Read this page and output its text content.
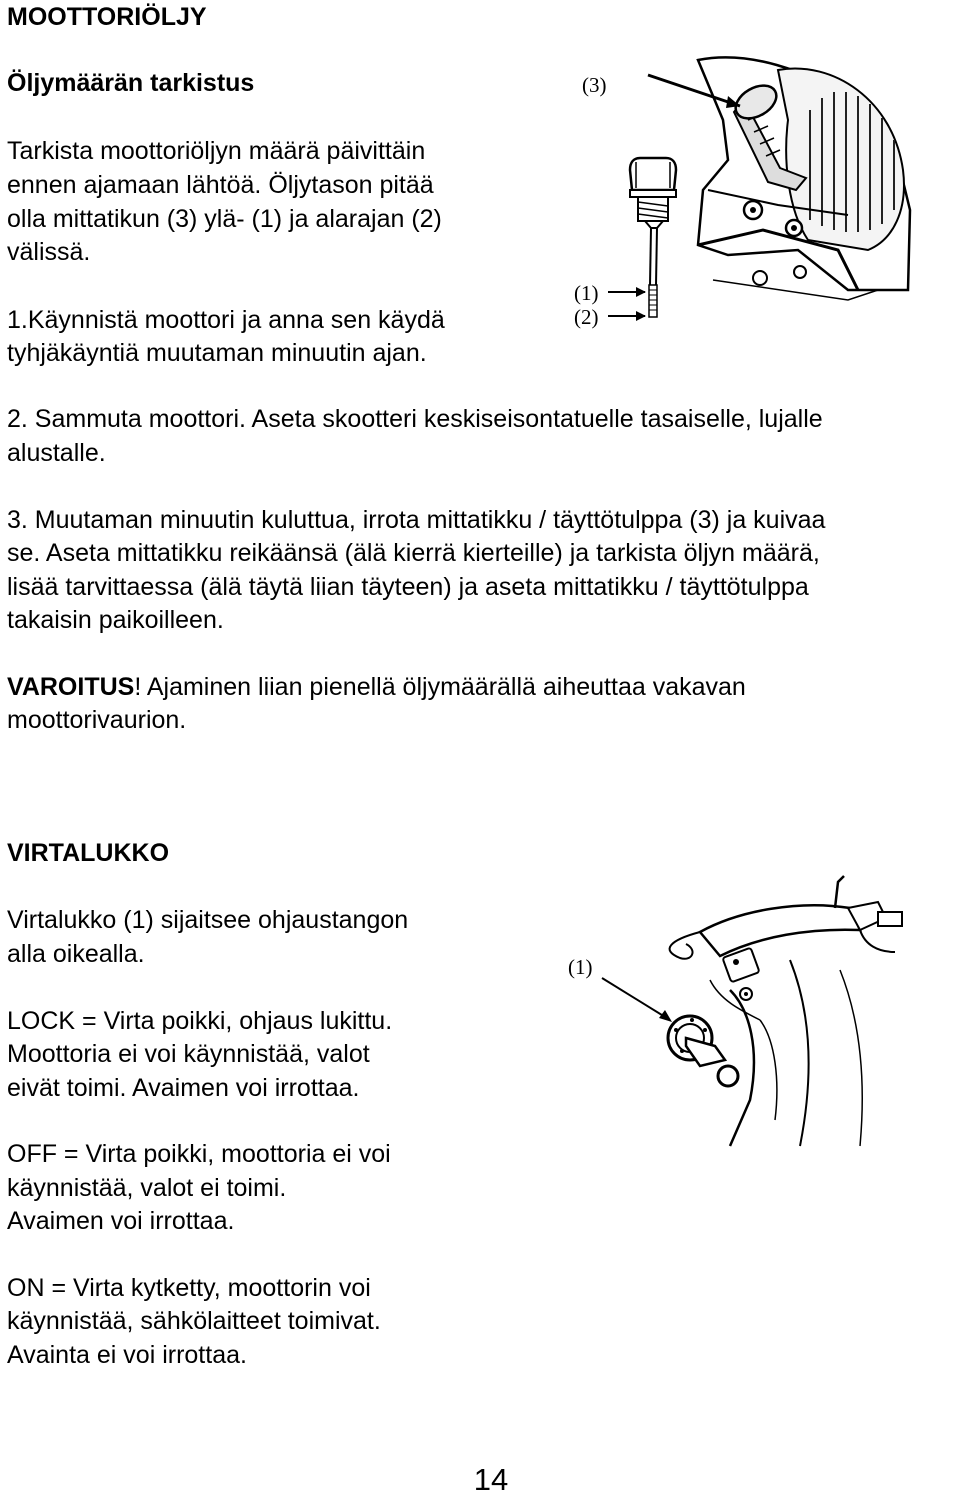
MOOTTORIÖLJY
Öljymäärän tarkistus

Tarkista moottoriöljyn määrä päivittäin

ennen ajamaan lähtöä. Öljytason pitää

olla mittatikun (3) ylä- (1) ja alarajan (2)

välissä.

1.Käynnistä moottori ja anna sen käydä

tyhjäkäyntiä muutaman minuutin ajan.

2. Sammuta moottori. Aseta skootteri keskiseisontatuelle tasaiselle, lujalle

alustalle.

3. Muutaman minuutin kuluttua, irrota mittatikku / täyttötulppa (3) ja kuivaa

se. Aseta mittatikku reikäänsä (älä kierrä kierteille) ja tarkista öljyn määrä,

lisää tarvittaessa (älä täytä liian täyteen) ja aseta mittatikku / täyttötulppa

takaisin paikoilleen.

VAROITUS! Ajaminen liian pienellä öljymäärällä aiheuttaa vakavan

moottorivaurion.

(3)
(1)
(2)
VIRTALUKKO

Virtalukko (1) sijaitsee ohjaustangon

alla oikealla.

LOCK = Virta poikki, ohjaus lukittu.

Moottoria ei voi käynnistää, valot

eivät toimi. Avaimen voi irrottaa.

OFF = Virta poikki, moottoria ei voi

käynnistää, valot ei toimi.

Avaimen voi irrottaa.

ON = Virta kytketty, moottorin voi

käynnistää, sähkölaitteet toimivat.

Avainta ei voi irrottaa.

(1)
14
